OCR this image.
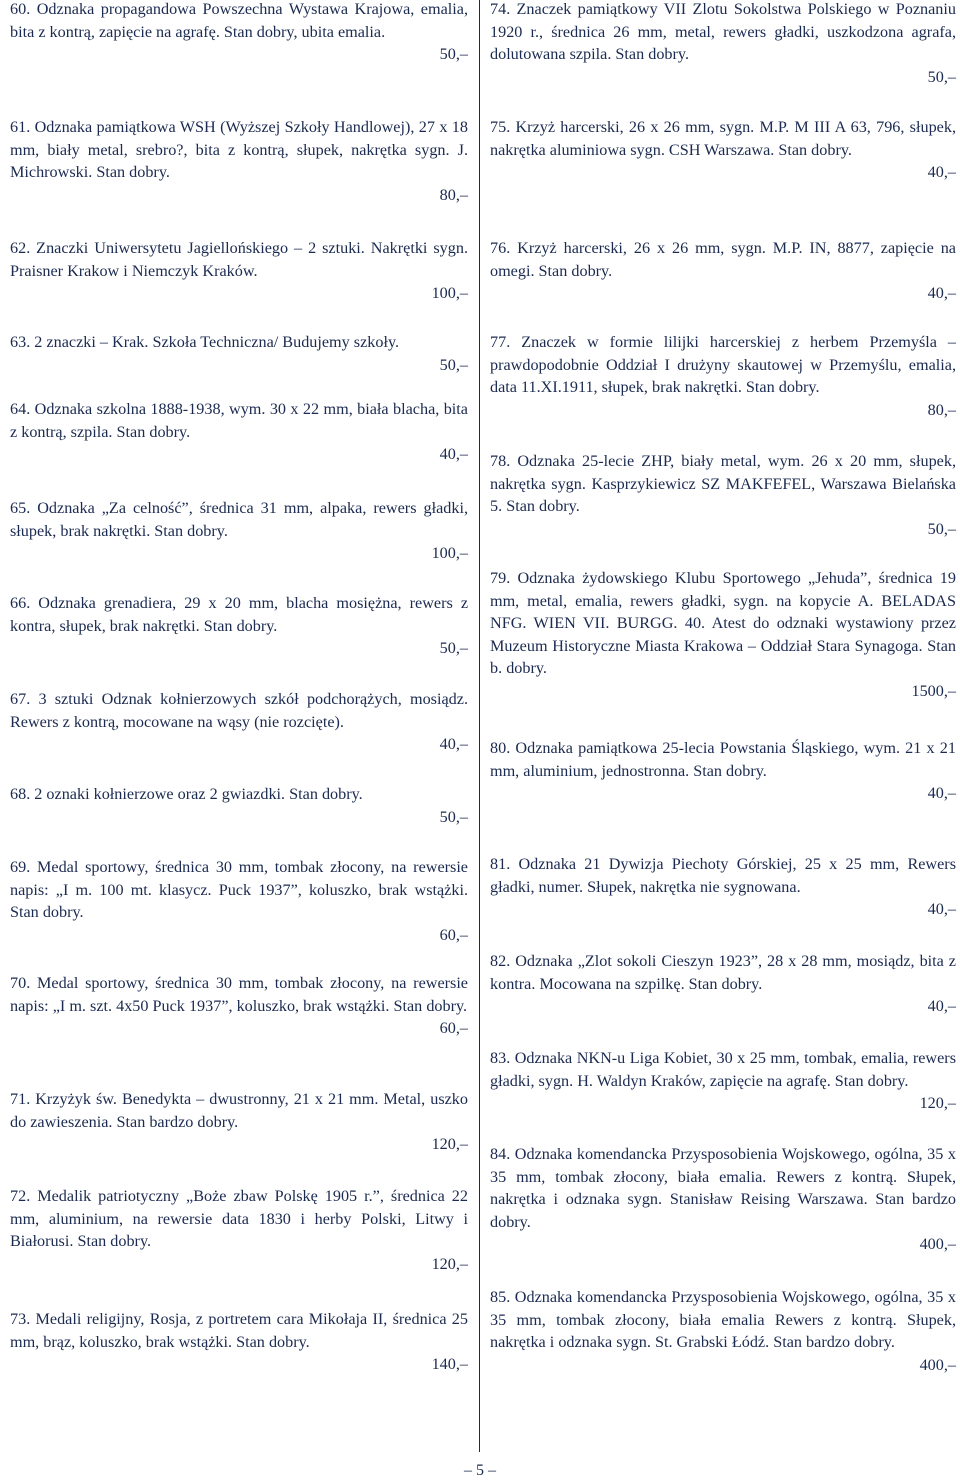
60. Odznaka propagandowa Powszechna Wystawa Krajowa, emalia, bita z kontrą, zapięcie na agrafę. Stan dobry, ubita emalia.
50,–
61. Odznaka pamiątkowa WSH (Wyższej Szkoły Handlowej), 27 x 18 mm, biały metal, srebro?, bita z kontrą, słupek, nakrętka sygn. J. Michrowski. Stan dobry.
80,–
62. Znaczki Uniwersytetu Jagiellońskiego – 2 sztuki. Nakrętki sygn. Praisner Krakow i Niemczyk Kraków.
100,–
63. 2 znaczki – Krak. Szkoła Techniczna/ Budujemy szkoły.
50,–
64. Odznaka szkolna 1888-1938, wym. 30 x 22 mm, biała blacha, bita z kontrą, szpila. Stan dobry.
40,–
65. Odznaka „Za celność”, średnica 31 mm, alpaka, rewers gładki, słupek, brak nakrętki. Stan dobry.
100,–
66. Odznaka grenadiera, 29 x 20 mm, blacha mosiężna, rewers z kontra, słupek, brak nakrętki. Stan dobry.
50,–
67. 3 sztuki Odznak kołnierzowych szkół podchorążych, mosiądz. Rewers z kontrą, mocowane na wąsy (nie rozcięte).
40,–
68. 2 oznaki kołnierzowe oraz 2 gwiazdki. Stan dobry.
50,–
69. Medal sportowy, średnica 30 mm, tombak złocony, na rewersie napis: „I m. 100 mt. klasycz. Puck 1937”, koluszko, brak wstążki. Stan dobry.
60,–
70. Medal sportowy, średnica 30 mm, tombak złocony, na rewersie napis: „I m. szt. 4x50 Puck 1937”, koluszko, brak wstążki. Stan dobry.
60,–
71. Krzyżyk św. Benedykta – dwustronny, 21 x 21 mm. Metal, uszko do zawieszenia. Stan bardzo dobry.
120,–
72. Medalik patriotyczny „Boże zbaw Polskę 1905 r.”, średnica 22 mm, aluminium, na rewersie data 1830 i herby Polski, Litwy i Białorusi. Stan dobry.
120,–
73. Medali religijny, Rosja, z portretem cara Mikołaja II, średnica 25 mm, brąz, koluszko, brak wstążki. Stan dobry.
140,–
74. Znaczek pamiątkowy VII Zlotu Sokolstwa Polskiego w Poznaniu 1920 r., średnica 26 mm, metal, rewers gładki, uszkodzona agrafa, dolutowana szpila. Stan dobry.
50,–
75. Krzyż harcerski, 26 x 26 mm, sygn. M.P. M III A 63, 796, słupek, nakrętka aluminiowa sygn. CSH Warszawa. Stan dobry.
40,–
76. Krzyż harcerski, 26 x 26 mm, sygn. M.P. IN, 8877, zapięcie na omegi. Stan dobry.
40,–
77. Znaczek w formie lilijki harcerskiej z herbem Przemyśla – prawdopodobnie Oddział I drużyny skautowej w Przemyślu, emalia, data 11.XI.1911, słupek, brak nakrętki. Stan dobry.
80,–
78. Odznaka 25-lecie ZHP, biały metal, wym. 26 x 20 mm, słupek, nakrętka sygn. Kasprzykiewicz SZ MAKFEFEL, Warszawa Bielańska 5. Stan dobry.
50,–
79. Odznaka żydowskiego Klubu Sportowego „Jehuda”, średnica 19 mm, metal, emalia, rewers gładki, sygn. na kopycie A. BELADAS NFG. WIEN VII. BURGG. 40. Atest do odznaki wystawiony przez Muzeum Historyczne Miasta Krakowa – Oddział Stara Synagoga. Stan b. dobry.
1500,–
80. Odznaka pamiątkowa 25-lecia Powstania Śląskiego, wym. 21 x 21 mm, aluminium, jednostronna. Stan dobry.
40,–
81. Odznaka 21 Dywizja Piechoty Górskiej, 25 x 25 mm, Rewers gładki, numer. Słupek, nakrętka nie sygnowana.
40,–
82. Odznaka „Zlot sokoli Cieszyn 1923”, 28 x 28 mm, mosiądz, bita z kontra. Mocowana na szpilkę. Stan dobry.
40,–
83. Odznaka NKN-u Liga Kobiet, 30 x 25 mm, tombak, emalia, rewers gładki, sygn. H. Waldyn Kraków, zapięcie na agrafę. Stan dobry.
120,–
84. Odznaka komendancka Przysposobienia Wojskowego, ogólna, 35 x 35 mm, tombak złocony, biała emalia. Rewers z kontrą. Słupek, nakrętka i odznaka sygn. Stanisław Reising Warszawa. Stan bardzo dobry.
400,–
85. Odznaka komendancka Przysposobienia Wojskowego, ogólna, 35 x 35 mm, tombak złocony, biała emalia Rewers z kontrą. Słupek, nakrętka i odznaka sygn. St. Grabski Łódź. Stan bardzo dobry.
400,–
– 5 –
